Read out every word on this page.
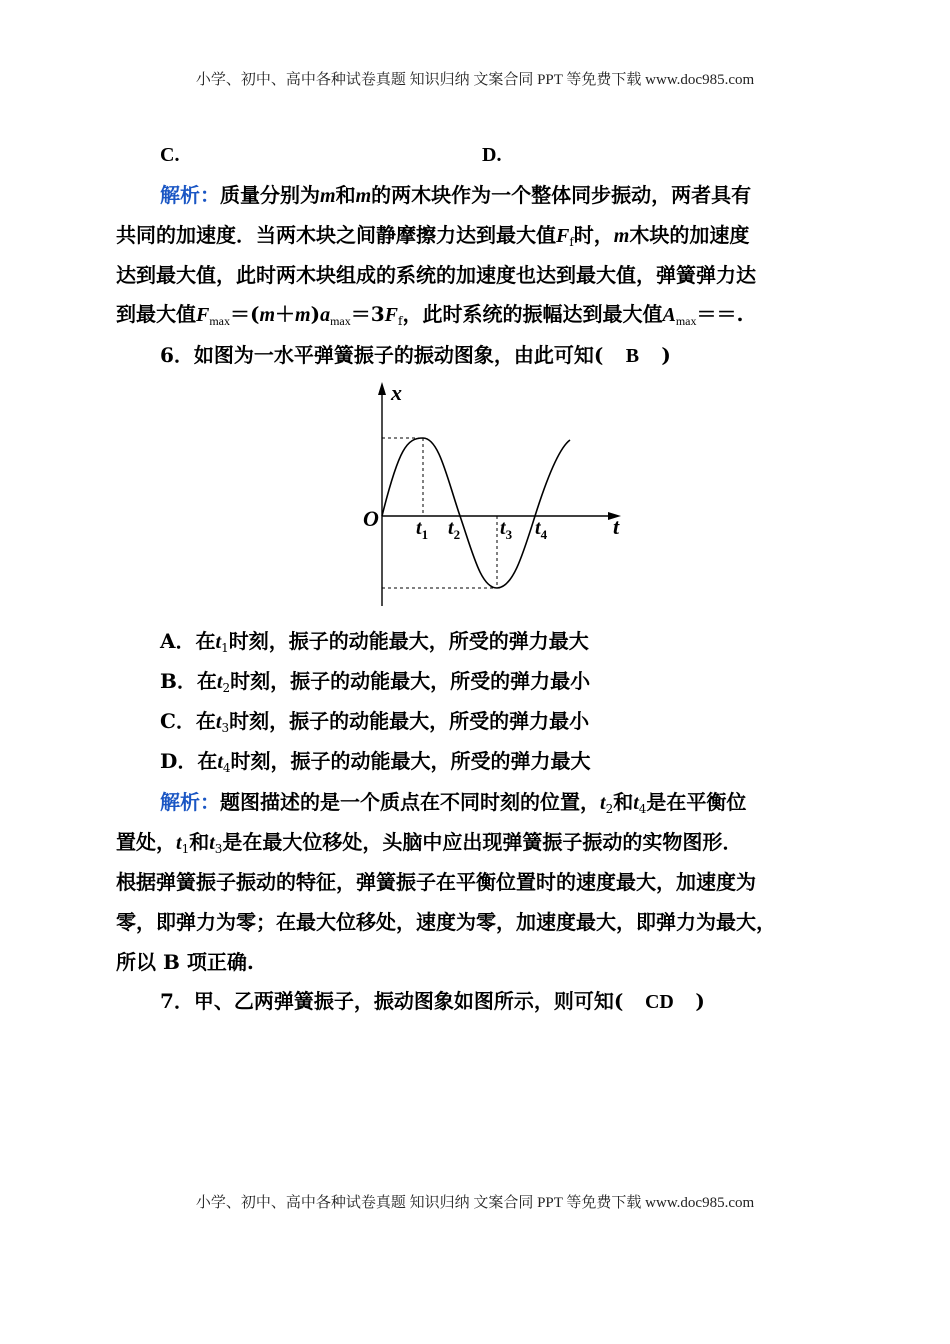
小学、初中、高中各种试卷真题 知识归纳 文案合同 PPT 等免费下载 www.doc985.com
C.	D.
解析：质量分别为m和m的两木块作为一个整体同步振动，两者具有
共同的加速度．当两木块之间静摩擦力达到最大值$F_f$时，m木块的加速度
达到最大值，此时两木块组成的系统的加速度也达到最大值，弹簧弹力达
到最大值$F_{max}=(m+m)a_{max}=3F_f$，此时系统的振幅达到最大值$A_{max}==$.
6．如图为一水平弹簧振子的振动图象，由此可知( B )
x
t
O $t_1$ $t_2$ $t_3$ $t_4$
A．在$t_1$时刻，振子的动能最大，所受的弹力最大
B．在$t_2$时刻，振子的动能最大，所受的弹力最小
C．在$t_3$时刻，振子的动能最大，所受的弹力最小
D．在$t_4$时刻，振子的动能最大，所受的弹力最大
解析：题图描述的是一个质点在不同时刻的位置，$t_2$和$t_4$是在平衡位
置处，$t_1$和$t_3$是在最大位移处，头脑中应出现弹簧振子振动的实物图形．
根据弹簧振子振动的特征，弹簧振子在平衡位置时的速度最大，加速度为
零，即弹力为零；在最大位移处，速度为零，加速度最大，即弹力为最大，
所以 B 项正确.
7．甲、乙两弹簧振子，振动图象如图所示，则可知( CD )
小学、初中、高中各种试卷真题 知识归纳 文案合同 PPT 等免费下载 www.doc985.com
